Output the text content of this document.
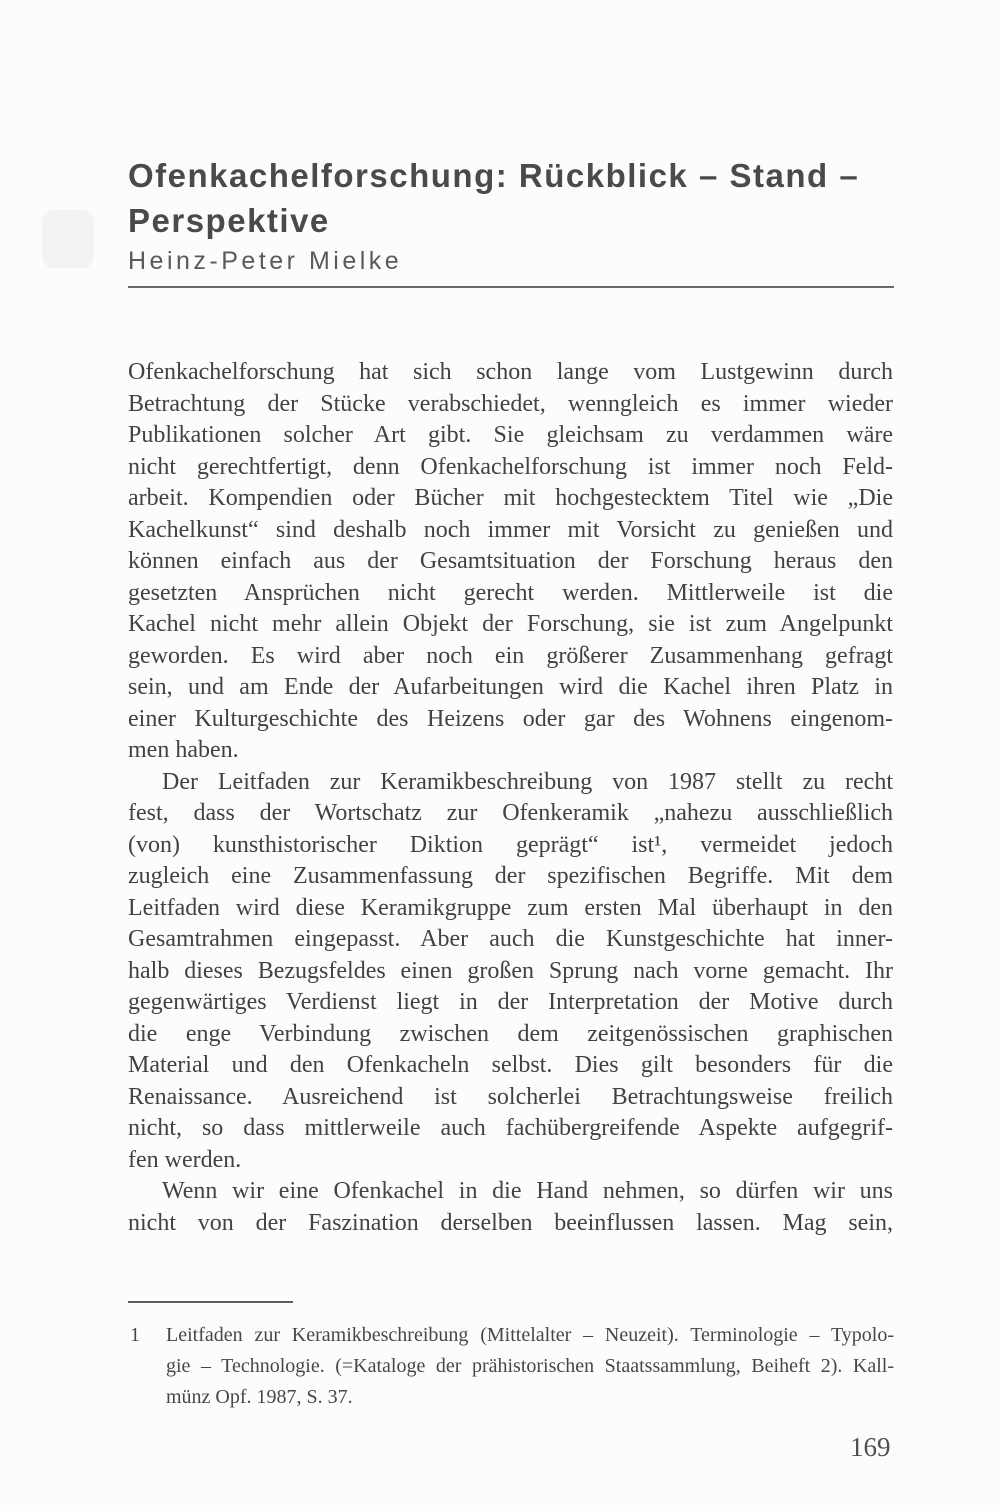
Ofenkachelforschung: Rückblick – Stand –
Perspektive
Heinz-Peter Mielke
Ofenkachelforschung hat sich schon lange vom Lustgewinn durch
Betrachtung der Stücke verabschiedet, wenngleich es immer wieder
Publikationen solcher Art gibt. Sie gleichsam zu verdammen wäre
nicht gerechtfertigt, denn Ofenkachelforschung ist immer noch Feld-
arbeit. Kompendien oder Bücher mit hochgestecktem Titel wie „Die
Kachelkunst“ sind deshalb noch immer mit Vorsicht zu genießen und
können einfach aus der Gesamtsituation der Forschung heraus den
gesetzten Ansprüchen nicht gerecht werden. Mittlerweile ist die
Kachel nicht mehr allein Objekt der Forschung, sie ist zum Angelpunkt
geworden. Es wird aber noch ein größerer Zusammenhang gefragt
sein, und am Ende der Aufarbeitungen wird die Kachel ihren Platz in
einer Kulturgeschichte des Heizens oder gar des Wohnens eingenom-
men haben.
Der Leitfaden zur Keramikbeschreibung von 1987 stellt zu recht
fest, dass der Wortschatz zur Ofenkeramik „nahezu ausschließlich
(von) kunsthistorischer Diktion geprägt“ ist¹, vermeidet jedoch
zugleich eine Zusammenfassung der spezifischen Begriffe. Mit dem
Leitfaden wird diese Keramikgruppe zum ersten Mal überhaupt in den
Gesamtrahmen eingepasst. Aber auch die Kunstgeschichte hat inner-
halb dieses Bezugsfeldes einen großen Sprung nach vorne gemacht. Ihr
gegenwärtiges Verdienst liegt in der Interpretation der Motive durch
die enge Verbindung zwischen dem zeitgenössischen graphischen
Material und den Ofenkacheln selbst. Dies gilt besonders für die
Renaissance. Ausreichend ist solcherlei Betrachtungsweise freilich
nicht, so dass mittlerweile auch fachübergreifende Aspekte aufgegrif-
fen werden.
Wenn wir eine Ofenkachel in die Hand nehmen, so dürfen wir uns
nicht von der Faszination derselben beeinflussen lassen. Mag sein,
1 Leitfaden zur Keramikbeschreibung (Mittelalter – Neuzeit). Terminologie – Typolo-
gie – Technologie. (=Kataloge der prähistorischen Staatssammlung, Beiheft 2). Kall-
münz Opf. 1987, S. 37.
169
